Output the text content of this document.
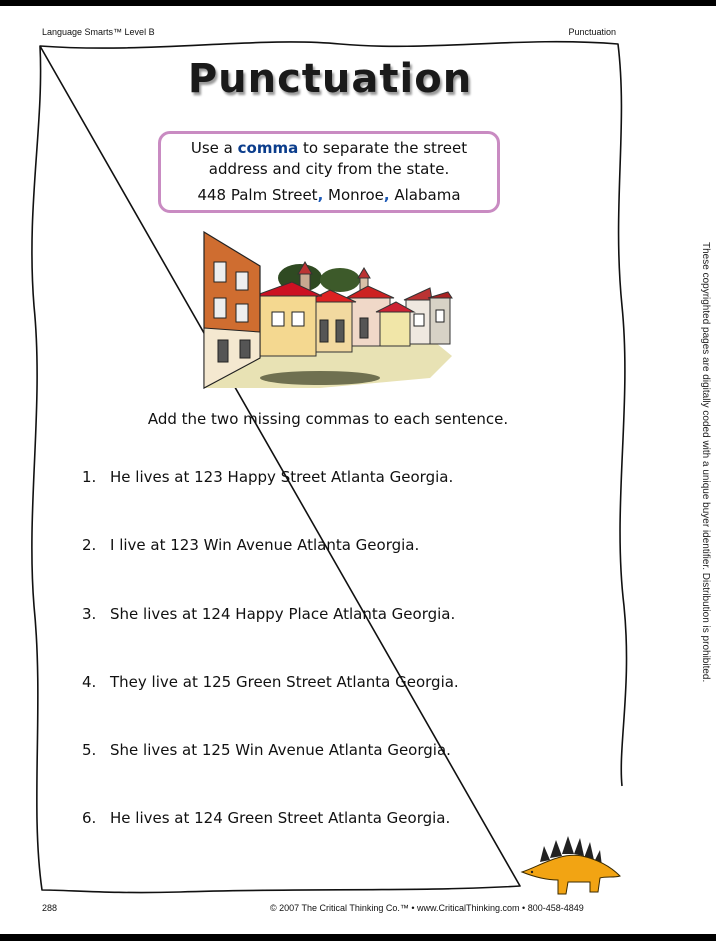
Language Smarts™ Level B	Punctuation
Punctuation
Use a comma to separate the street
address and city from the state.
448 Palm Street, Monroe, Alabama
Add the two missing commas to each sentence.
1. He lives at 123 Happy Street Atlanta Georgia.
2. I live at 123 Win Avenue Atlanta Georgia.
3. She lives at 124 Happy Place Atlanta Georgia.
4. They live at 125 Green Street Atlanta Georgia.
5. She lives at 125 Win Avenue Atlanta Georgia.
6. He lives at 124 Green Street Atlanta Georgia.
These copyrighted pages are digitally coded with a unique buyer identifier. Distribution is prohibited.
288	© 2007 The Critical Thinking Co.™ • www.CriticalThinking.com • 800-458-4849
